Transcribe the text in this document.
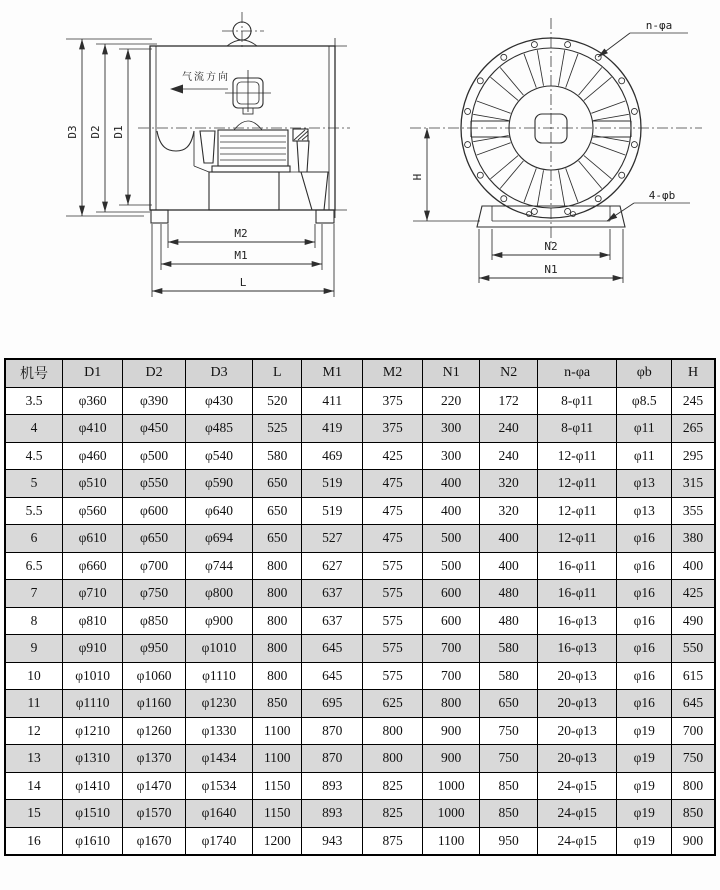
气流方向
D3 D2 D1
M2
M1
L
H
N2
N1
n-φa
4-φb
机号	D1	D2	D3	L	M1	M2	N1	N2	n-φa	φb	H
3.5	φ360	φ390	φ430	520	411	375	220	172	8-φ11	φ8.5	245
4	φ410	φ450	φ485	525	419	375	300	240	8-φ11	φ11	265
4.5	φ460	φ500	φ540	580	469	425	300	240	12-φ11	φ11	295
5	φ510	φ550	φ590	650	519	475	400	320	12-φ11	φ13	315
5.5	φ560	φ600	φ640	650	519	475	400	320	12-φ11	φ13	355
6	φ610	φ650	φ694	650	527	475	500	400	12-φ11	φ16	380
6.5	φ660	φ700	φ744	800	627	575	500	400	16-φ11	φ16	400
7	φ710	φ750	φ800	800	637	575	600	480	16-φ11	φ16	425
8	φ810	φ850	φ900	800	637	575	600	480	16-φ13	φ16	490
9	φ910	φ950	φ1010	800	645	575	700	580	16-φ13	φ16	550
10	φ1010	φ1060	φ1110	800	645	575	700	580	20-φ13	φ16	615
11	φ1110	φ1160	φ1230	850	695	625	800	650	20-φ13	φ16	645
12	φ1210	φ1260	φ1330	1100	870	800	900	750	20-φ13	φ19	700
13	φ1310	φ1370	φ1434	1100	870	800	900	750	20-φ13	φ19	750
14	φ1410	φ1470	φ1534	1150	893	825	1000	850	24-φ15	φ19	800
15	φ1510	φ1570	φ1640	1150	893	825	1000	850	24-φ15	φ19	850
16	φ1610	φ1670	φ1740	1200	943	875	1100	950	24-φ15	φ19	900
